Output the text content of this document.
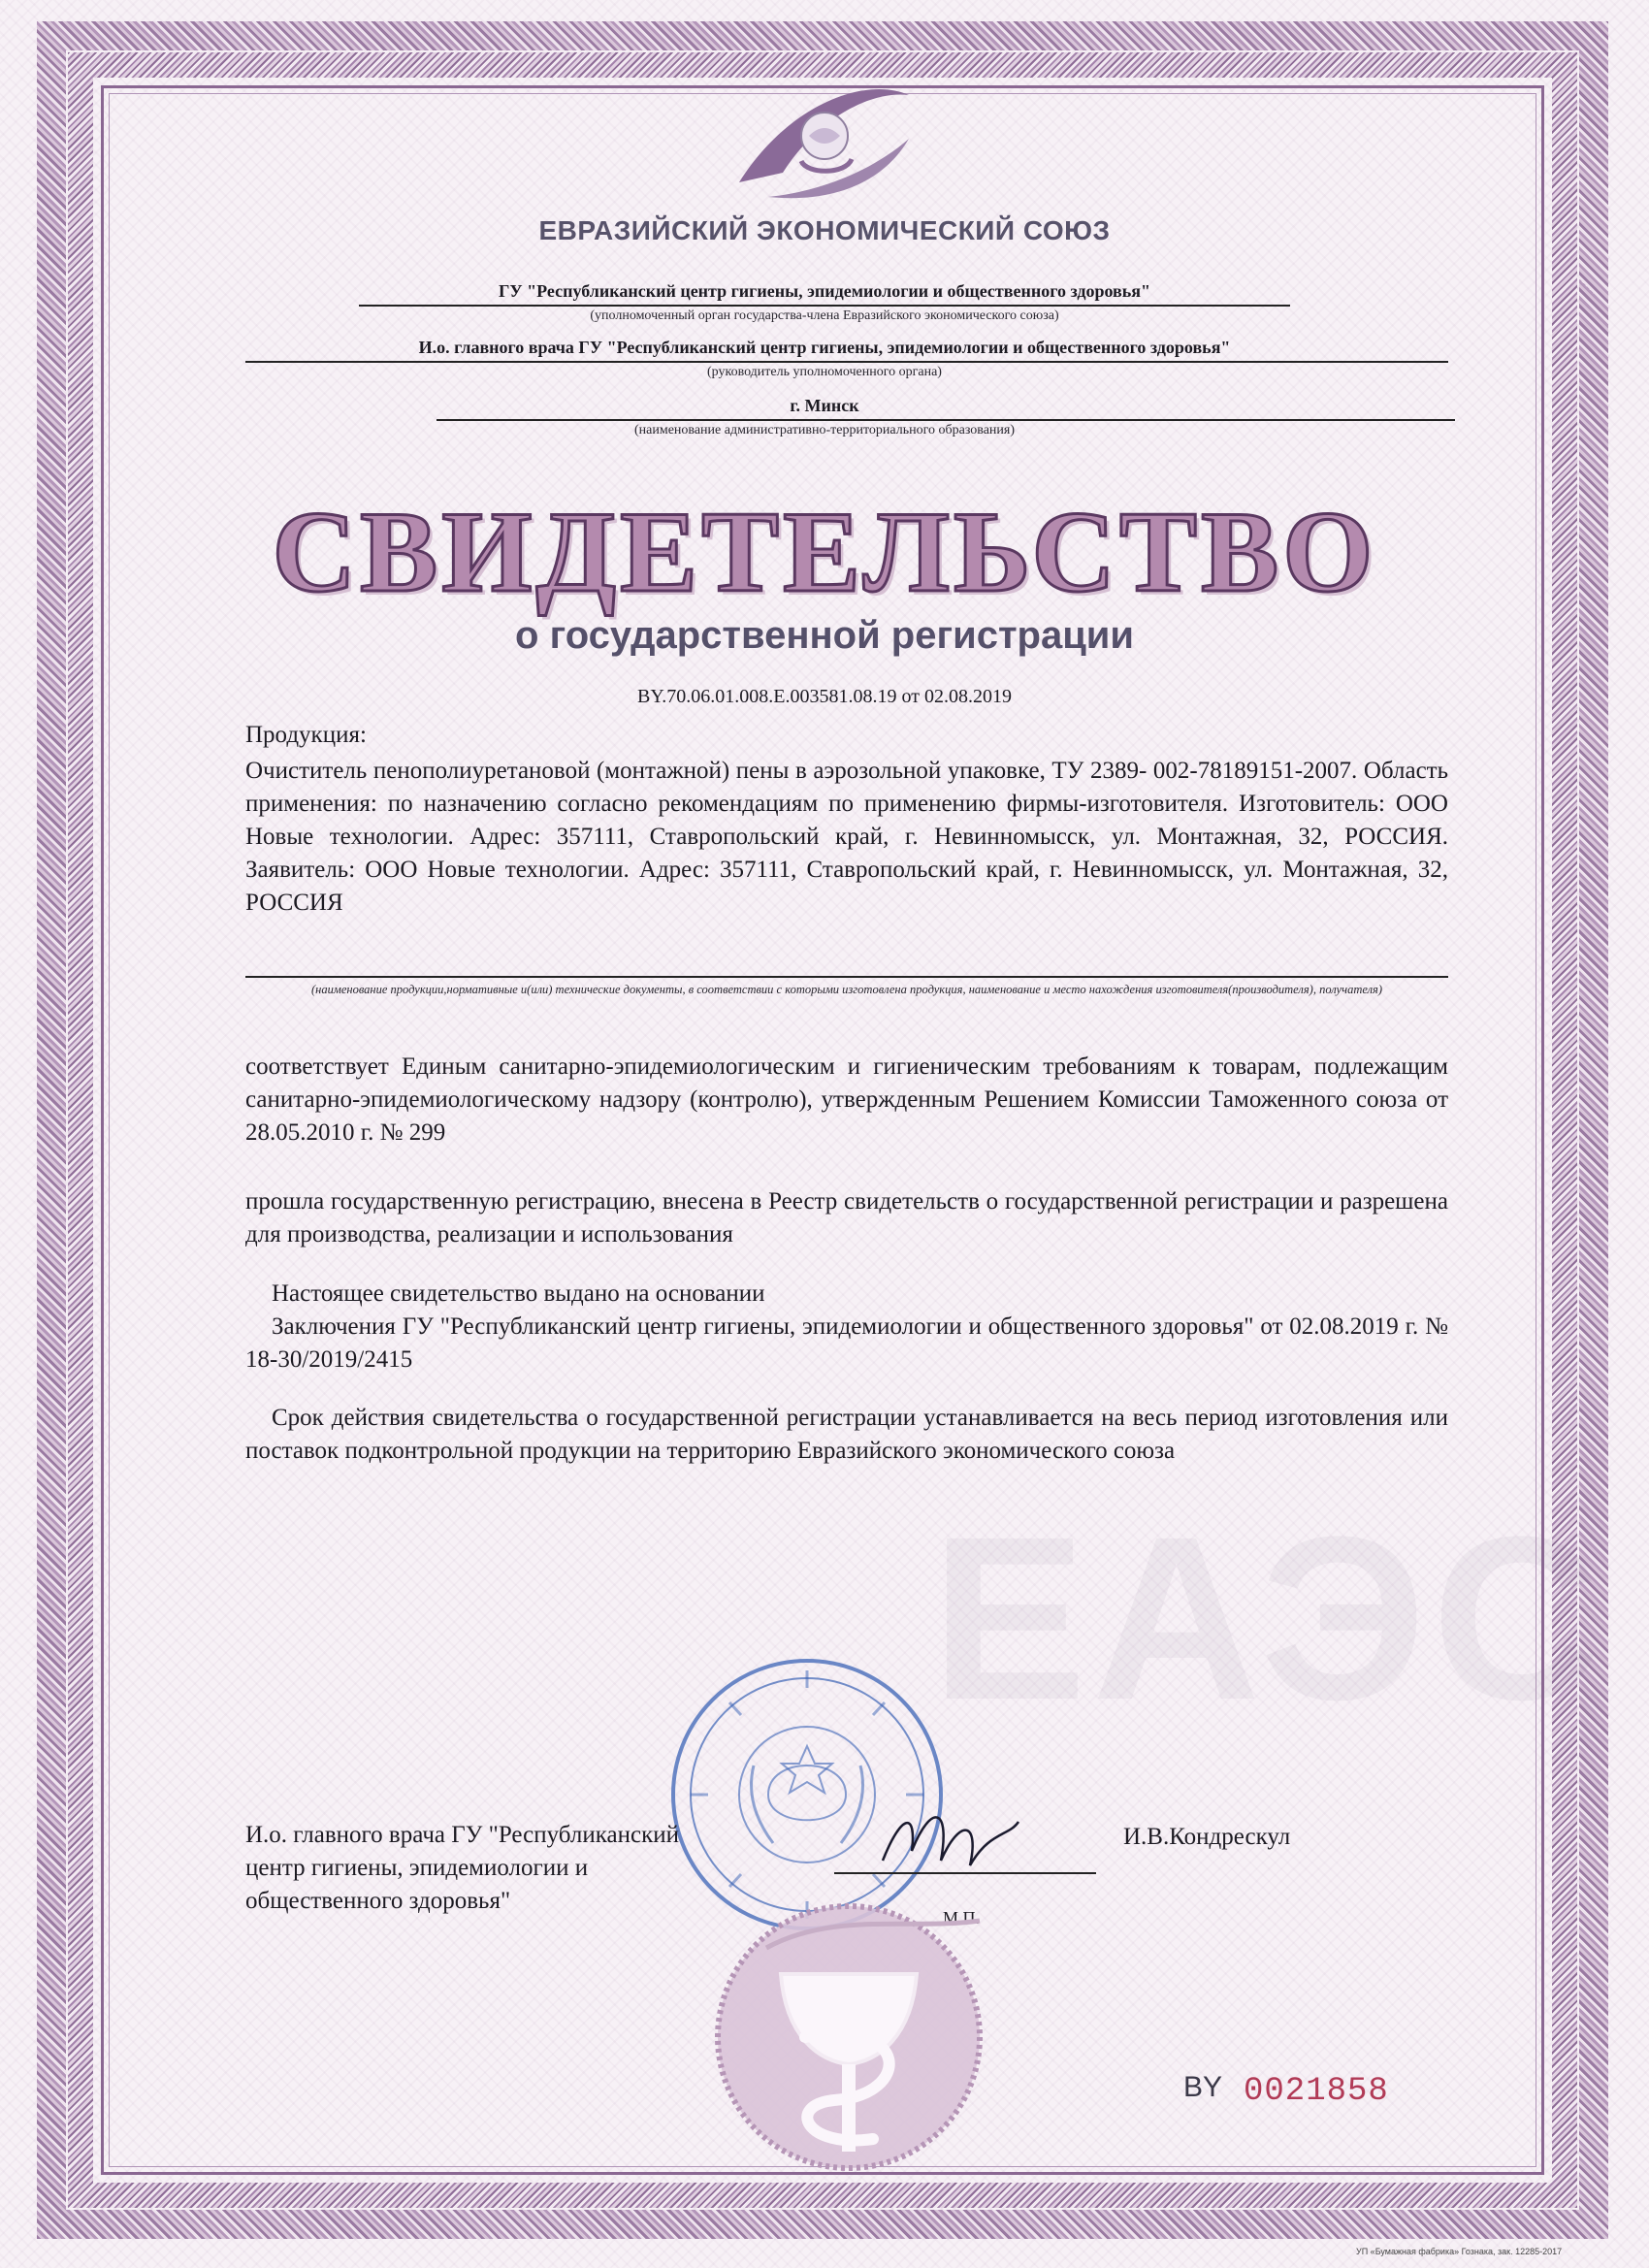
ЕВРАЗИЙСКИЙ ЭКОНОМИЧЕСКИЙ СОЮЗ
ГУ "Республиканский центр гигиены, эпидемиологии и общественного здоровья"
(уполномоченный орган государства-члена Евразийского экономического союза)
И.о. главного врача ГУ "Республиканский центр гигиены, эпидемиологии и общественного здоровья"
(руководитель уполномоченного органа)
г. Минск
(наименование административно-территориального образования)
СВИДЕТЕЛЬСТВО
о государственной регистрации
BY.70.06.01.008.Е.003581.08.19 от 02.08.2019
Продукция:
Очиститель пенополиуретановой (монтажной) пены в аэрозольной упаковке, ТУ 2389- 002-78189151-2007. Область применения: по назначению согласно рекомендациям по применению фирмы-изготовителя. Изготовитель: ООО Новые технологии. Адрес: 357111, Ставропольский край, г. Невинномысск, ул. Монтажная, 32, РОССИЯ. Заявитель: ООО Новые технологии. Адрес: 357111, Ставропольский край, г. Невинномысск, ул. Монтажная, 32, РОССИЯ
(наименование продукции,нормативные и(или) технические документы, в соответствии с которыми изготовлена продукция, наименование и место нахождения изготовителя(производителя), получателя)
соответствует Единым санитарно-эпидемиологическим и гигиеническим требованиям к товарам, подлежащим санитарно-эпидемиологическому надзору (контролю), утвержденным Решением Комиссии Таможенного союза от 28.05.2010 г. № 299
прошла государственную регистрацию, внесена в Реестр свидетельств о государственной регистрации и разрешена для производства, реализации и использования
Настоящее свидетельство выдано на основании
Заключения ГУ "Республиканский центр гигиены, эпидемиологии и общественного здоровья" от 02.08.2019 г. № 18-30/2019/2415
Срок действия свидетельства о государственной регистрации устанавливается на весь период изготовления или поставок подконтрольной продукции на территорию Евразийского экономического союза
ЕАЭС
И.о. главного врача ГУ "Республиканский
центр гигиены, эпидемиологии и
общественного здоровья"
И.В.Кондрескул
М.П.
BY 0021858
УП «Бумажная фабрика» Гознака, зак. 12285-2017
